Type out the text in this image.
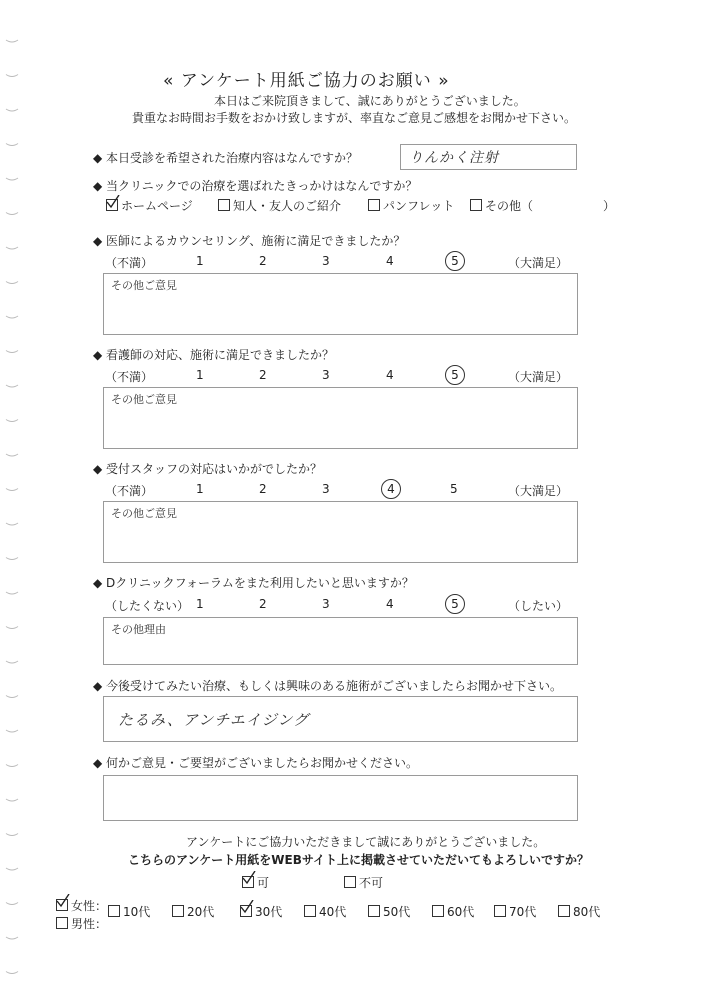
« アンケート用紙ご協力のお願い »
本日はご来院頂きまして、誠にありがとうございました。
貴重なお時間お手数をおかけ致しますが、率直なご意見ご感想をお聞かせ下さい。
◆ 本日受診を希望された治療内容はなんですか？	りんかく注射
◆ 当クリニックでの治療を選ばれたきっかけはなんですか？
ホームページ	知人・友人のご紹介	パンフレット	その他（	）
◆ 医師によるカウンセリング、施術に満足できましたか？
（不満）	1	2	3	4	5	（大満足）
その他ご意見
◆ 看護師の対応、施術に満足できましたか？
（不満）	1	2	3	4	5	（大満足）
その他ご意見
◆ 受付スタッフの対応はいかがでしたか？
（不満）	1	2	3	4	5	（大満足）
その他ご意見
◆ Dクリニックフォーラムをまた利用したいと思いますか？
（したくない） 1	2	3	4	5	（したい）
その他理由
◆ 今後受けてみたい治療、もしくは興味のある施術がございましたらお聞かせ下さい。
たるみ、アンチエイジング
◆ 何かご意見・ご要望がございましたらお聞かせください。
アンケートにご協力いただきまして誠にありがとうございました。
こちらのアンケート用紙をWEBサイト上に掲載させていただいてもよろしいですか？
可	不可
女性：
男性：
10代	20代	30代	40代	50代	60代	70代	80代
